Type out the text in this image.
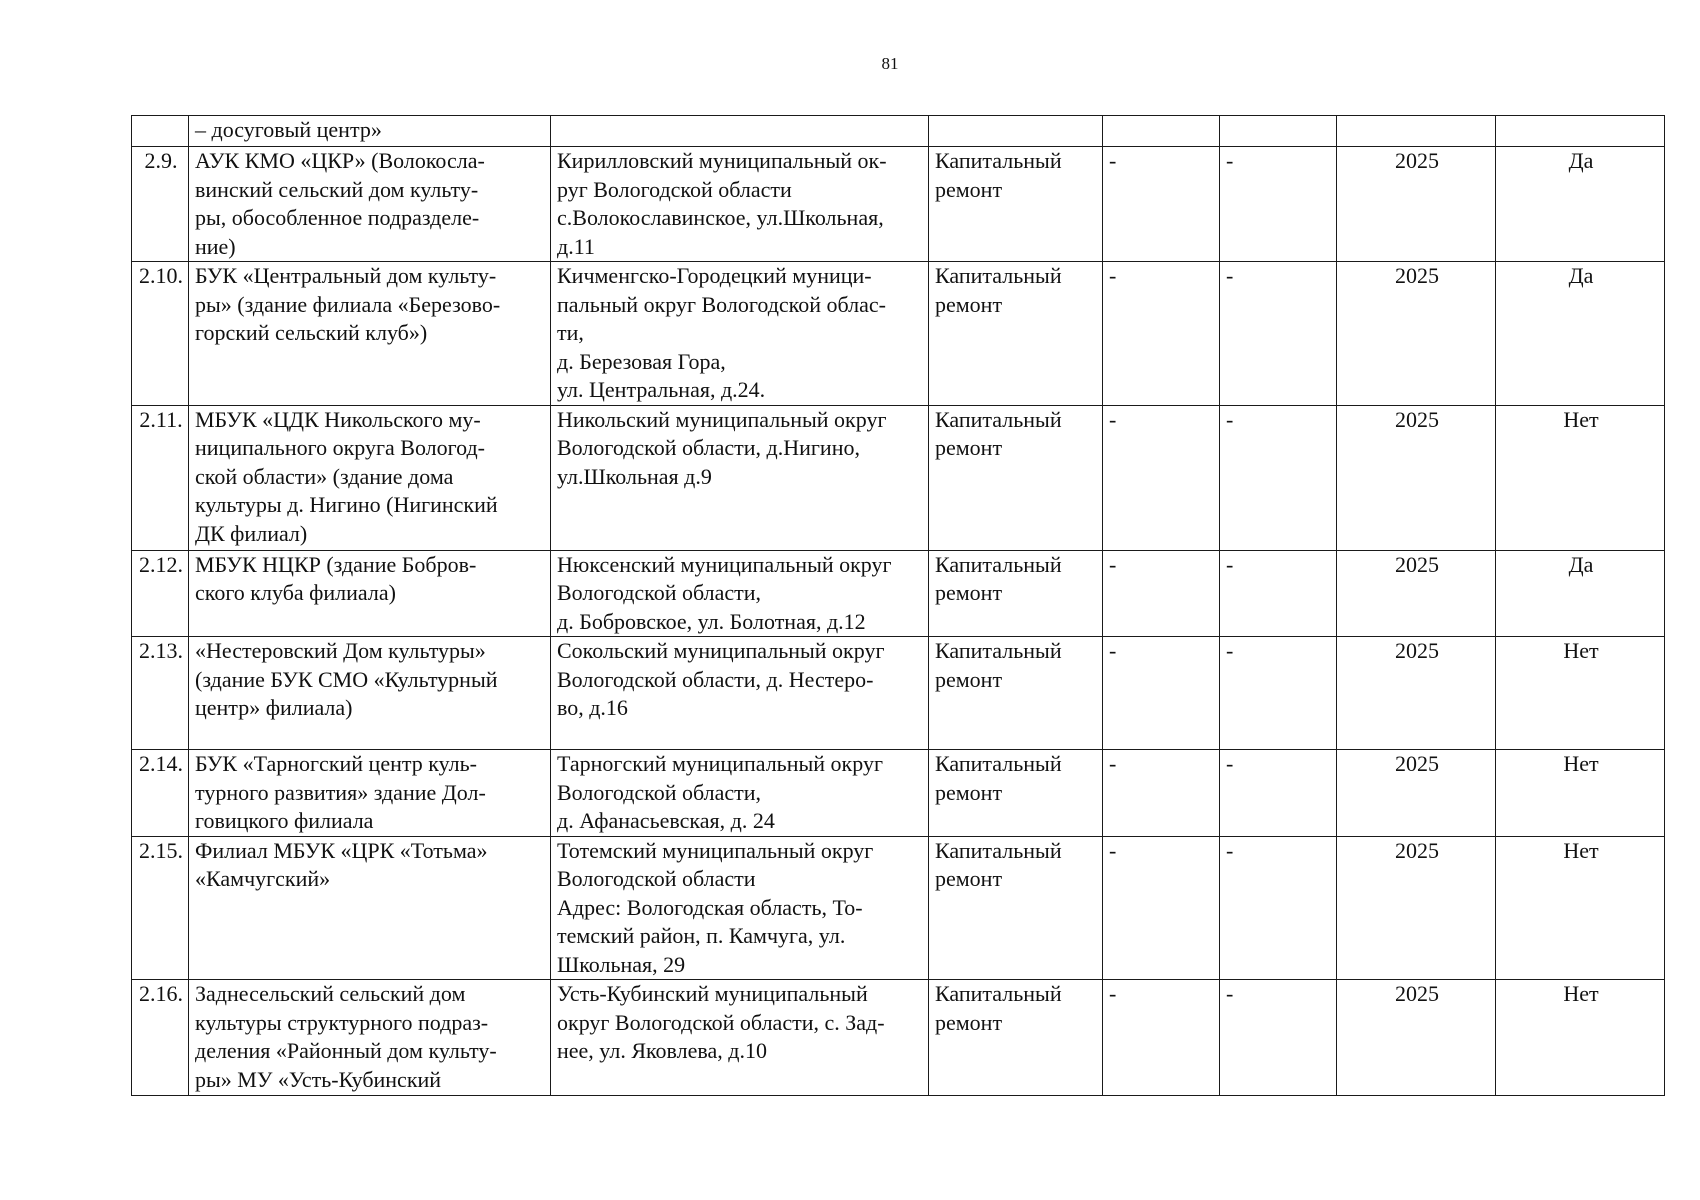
81

	– досуговый центр»						

2.9.	АУК КМО «ЦКР» (Волокосла-
винский сельский дом культу-
ры, обособленное подразделе-
ние)	Кирилловский муниципальный ок-
руг Вологодской области
с.Волокославинское, ул.Школьная,
д.11	Капитальный
ремонт	-	-	2025	Да
2.10.	БУК «Центральный дом культу-
ры» (здание филиала «Березово-
горский сельский клуб»)	Кичменгско-Городецкий муници-
пальный округ Вологодской облас-
ти,
д. Березовая Гора,
ул. Центральная, д.24.	Капитальный
ремонт	-	-	2025	Да
2.11.	МБУК «ЦДК Никольского му-
ниципального округа Вологод-
ской области» (здание дома
культуры д. Нигино (Нигинский
ДК филиал)	Никольский муниципальный округ
Вологодской области, д.Нигино,
ул.Школьная д.9	Капитальный
ремонт	-	-	2025	Нет
2.12.	МБУК НЦКР (здание Бобров-
ского клуба филиала)	Нюксенский муниципальный округ
Вологодской области,
д. Бобровское, ул. Болотная, д.12	Капитальный
ремонт	-	-	2025	Да
2.13.	«Нестеровский Дом культуры»
(здание БУК СМО «Культурный
центр» филиала)	Сокольский муниципальный округ
Вологодской области, д. Нестеро-
во, д.16	Капитальный
ремонт	-	-	2025	Нет
2.14.	БУК «Тарногский центр куль-
турного развития» здание Дол-
говицкого филиала	Тарногский муниципальный округ
Вологодской области,
д. Афанасьевская, д. 24	Капитальный
ремонт	-	-	2025	Нет
2.15.	Филиал МБУК «ЦРК «Тотьма»
«Камчугский»	Тотемский муниципальный округ
Вологодской области
Адрес: Вологодская область, То-
темский район, п. Камчуга, ул.
Школьная, 29	Капитальный
ремонт	-	-	2025	Нет
2.16.	Заднесельский сельский дом
культуры структурного подраз-
деления «Районный дом культу-
ры» МУ «Усть-Кубинский	Усть-Кубинский муниципальный
округ Вологодской области, с. Зад-
нее, ул. Яковлева, д.10	Капитальный
ремонт	-	-	2025	Нет
